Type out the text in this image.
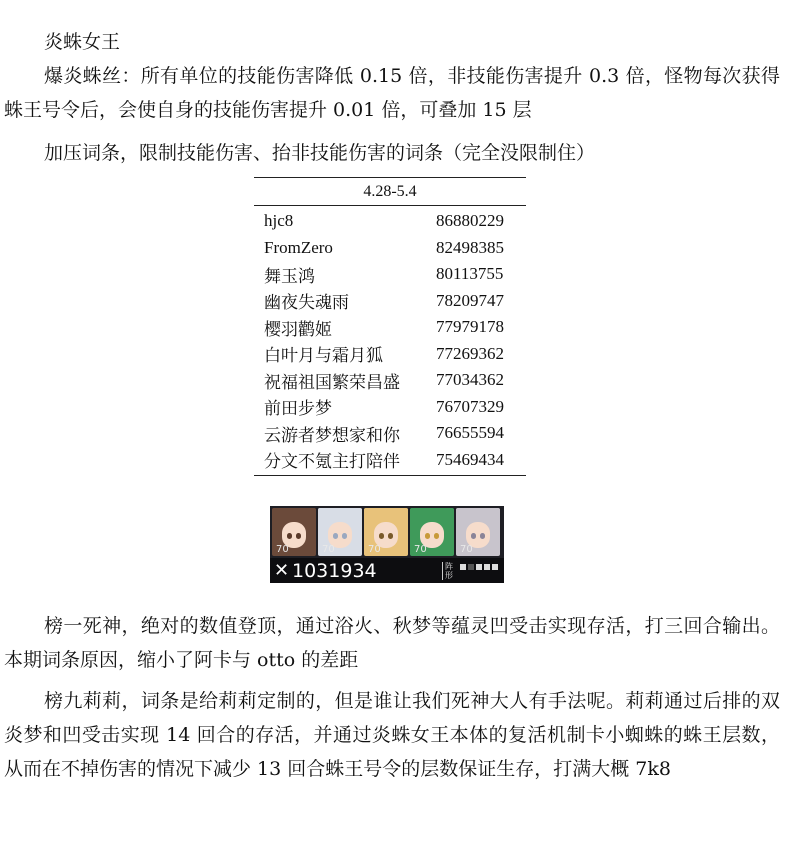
炎蛛女王

爆炎蛛丝：所有单位的技能伤害降低 0.15 倍，非技能伤害提升 0.3 倍，怪物每次获得蛛王号令后，会使自身的技能伤害提升 0.01 倍，可叠加 15 层

加压词条，限制技能伤害、抬非技能伤害的词条（完全没限制住）

4.28-5.4
hjc8	86880229
FromZero	82498385
舞玉鸿	80113755
幽夜失魂雨	78209747
樱羽鹳姬	77979178
白叶月与霜月狐	77269362
祝福祖国繁荣昌盛	77034362
前田步梦	76707329
云游者梦想家和你	76655594
分文不氪主打陪伴	75469434
70	70	70	70	70
✕ 1031934	阵形

榜一死神，绝对的数值登顶，通过浴火、秋梦等蕴灵凹受击实现存活，打三回合输出。本期词条原因，缩小了阿卡与 otto 的差距

榜九莉莉，词条是给莉莉定制的，但是谁让我们死神大人有手法呢。莉莉通过后排的双炎梦和凹受击实现 14 回合的存活，并通过炎蛛女王本体的复活机制卡小蜘蛛的蛛王层数，从而在不掉伤害的情况下减少 13 回合蛛王号令的层数保证生存，打满大概 7k8
